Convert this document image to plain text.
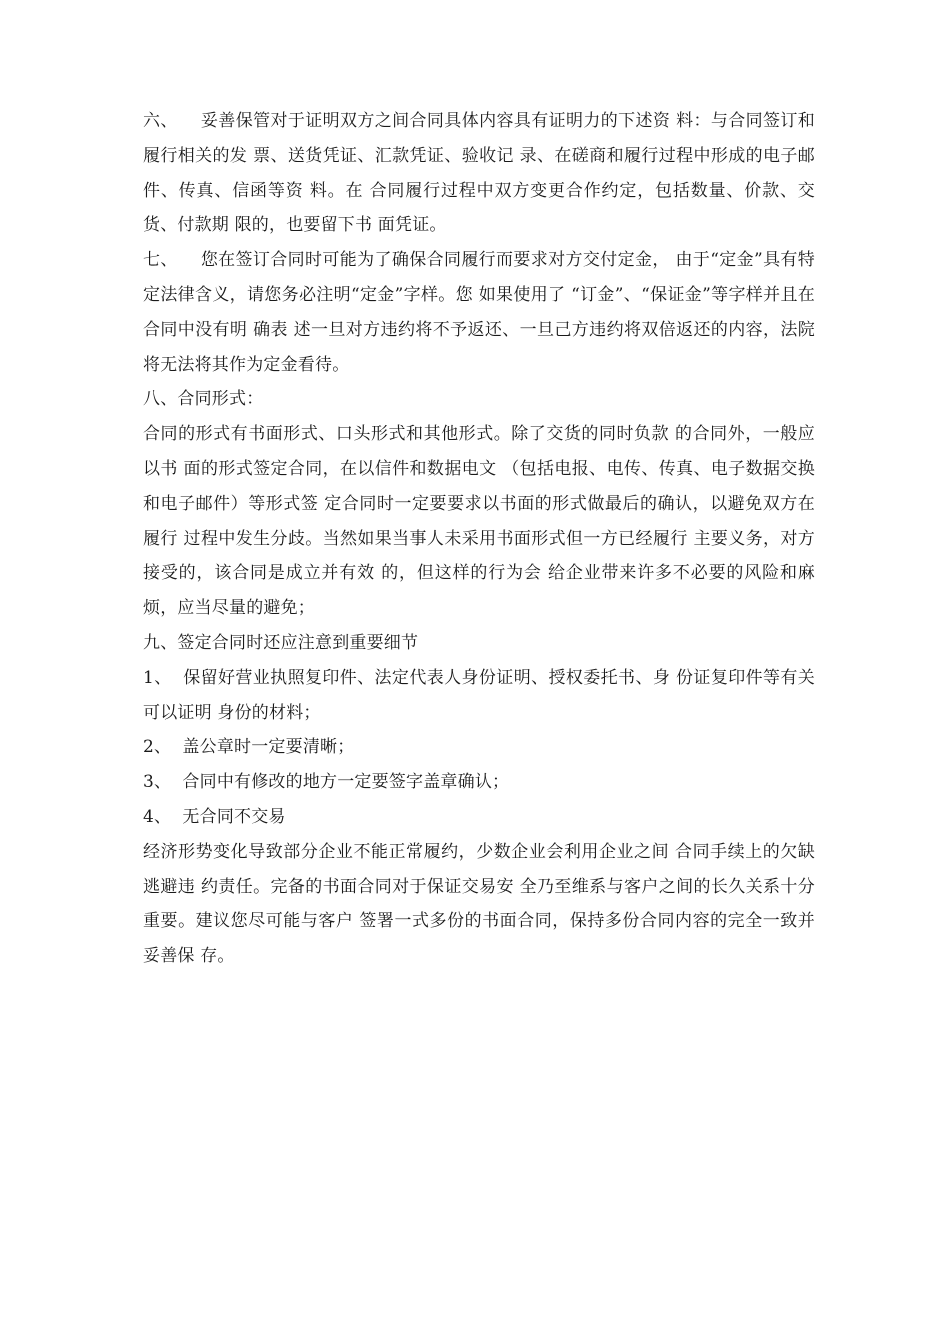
六、    妥善保管对于证明双方之间合同具体内容具有证明力的下述资 料：与合同签订和履行相关的发 票、送货凭证、汇款凭证、验收记 录、在磋商和履行过程中形成的电子邮件、传真、信函等资 料。在 合同履行过程中双方变更合作约定，包括数量、价款、交货、付款期 限的，也要留下书 面凭证。

七、    您在签订合同时可能为了确保合同履行而要求对方交付定金， 由于“定金”具有特定法律含义，请您务必注明“定金”字样。您 如果使用了 “订金”、“保证金”等字样并且在合同中没有明 确表 述一旦对方违约将不予返还、一旦己方违约将双倍返还的内容，法院 将无法将其作为定金看待。

八、合同形式：

合同的形式有书面形式、口头形式和其他形式。除了交货的同时负款 的合同外，一般应以书 面的形式签定合同，在以信件和数据电文 （包括电报、电传、传真、电子数据交换和电子邮件）等形式签 定合同时一定要要求以书面的形式做最后的确认，以避免双方在履行 过程中发生分歧。当然如果当事人未采用书面形式但一方已经履行 主要义务，对方接受的，该合同是成立并有效 的，但这样的行为会 给企业带来许多不必要的风险和麻烦，应当尽量的避免；

九、签定合同时还应注意到重要细节

1、  保留好营业执照复印件、法定代表人身份证明、授权委托书、身 份证复印件等有关可以证明 身份的材料；

2、  盖公章时一定要清晰；

3、  合同中有修改的地方一定要签字盖章确认；

4、  无合同不交易

经济形势变化导致部分企业不能正常履约，少数企业会利用企业之间 合同手续上的欠缺逃避违 约责任。完备的书面合同对于保证交易安 全乃至维系与客户之间的长久关系十分重要。建议您尽可能与客户 签署一式多份的书面合同，保持多份合同内容的完全一致并妥善保 存。
